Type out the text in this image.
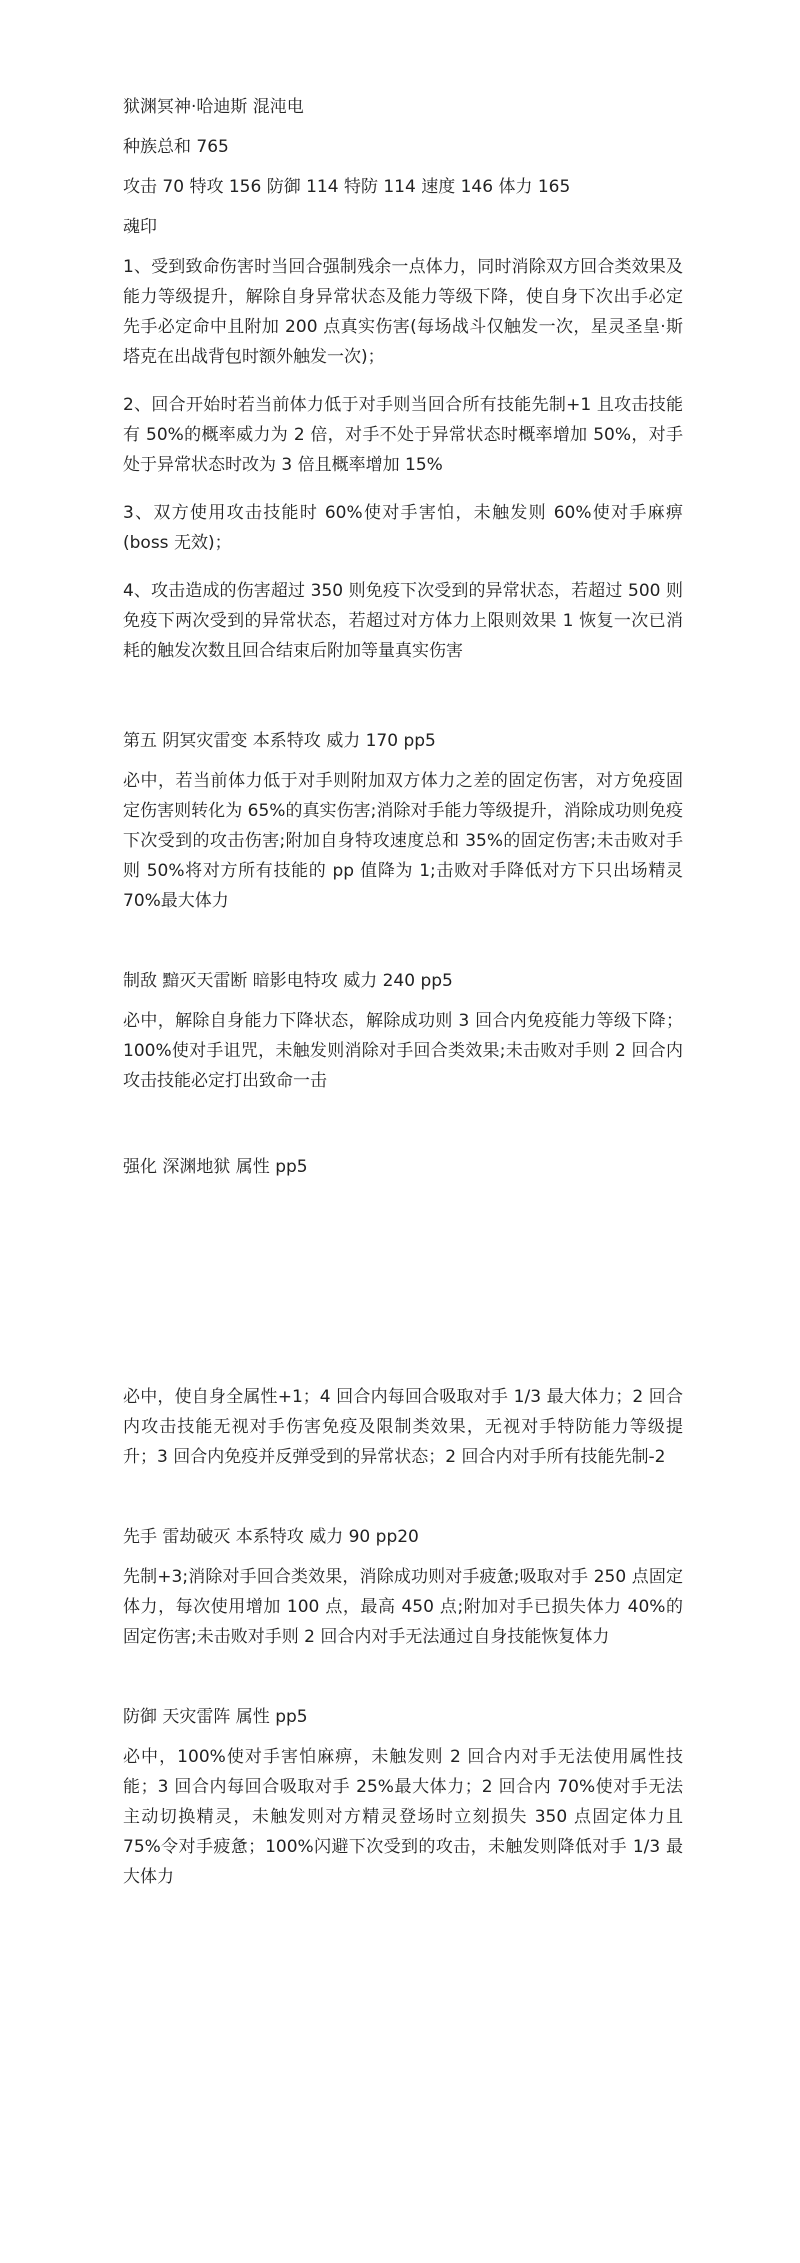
狱渊冥神·哈迪斯 混沌电

种族总和 765

攻击 70 特攻 156 防御 114 特防 114 速度 146 体力 165

魂印

1、受到致命伤害时当回合强制残余一点体力，同时消除双方回合类效果及能力等级提升，解除自身异常状态及能力等级下降，使自身下次出手必定先手必定命中且附加 200 点真实伤害(每场战斗仅触发一次，星灵圣皇·斯塔克在出战背包时额外触发一次)；

2、回合开始时若当前体力低于对手则当回合所有技能先制+1 且攻击技能有 50%的概率威力为 2 倍，对手不处于异常状态时概率增加 50%，对手处于异常状态时改为 3 倍且概率增加 15%

3、双方使用攻击技能时 60%使对手害怕，未触发则 60%使对手麻痹(boss 无效)；

4、攻击造成的伤害超过 350 则免疫下次受到的异常状态，若超过 500 则免疫下两次受到的异常状态，若超过对方体力上限则效果 1 恢复一次已消耗的触发次数且回合结束后附加等量真实伤害

第五 阴冥灾雷变 本系特攻 威力 170 pp5

必中，若当前体力低于对手则附加双方体力之差的固定伤害，对方免疫固定伤害则转化为 65%的真实伤害;消除对手能力等级提升，消除成功则免疫下次受到的攻击伤害;附加自身特攻速度总和 35%的固定伤害;未击败对手则 50%将对方所有技能的 pp 值降为 1;击败对手降低对方下只出场精灵 70%最大体力

制敌 黯灭天雷断 暗影电特攻 威力 240 pp5

必中，解除自身能力下降状态，解除成功则 3 回合内免疫能力等级下降；100%使对手诅咒，未触发则消除对手回合类效果;未击败对手则 2 回合内攻击技能必定打出致命一击

强化 深渊地狱 属性 pp5

必中，使自身全属性+1；4 回合内每回合吸取对手 1/3 最大体力；2 回合内攻击技能无视对手伤害免疫及限制类效果，无视对手特防能力等级提升；3 回合内免疫并反弹受到的异常状态；2 回合内对手所有技能先制-2

先手 雷劫破灭 本系特攻 威力 90 pp20

先制+3;消除对手回合类效果，消除成功则对手疲惫;吸取对手 250 点固定体力，每次使用增加 100 点，最高 450 点;附加对手已损失体力 40%的固定伤害;未击败对手则 2 回合内对手无法通过自身技能恢复体力

防御 天灾雷阵 属性 pp5

必中，100%使对手害怕麻痹，未触发则 2 回合内对手无法使用属性技能；3 回合内每回合吸取对手 25%最大体力；2 回合内 70%使对手无法主动切换精灵，未触发则对方精灵登场时立刻损失 350 点固定体力且 75%令对手疲惫；100%闪避下次受到的攻击，未触发则降低对手 1/3 最大体力
